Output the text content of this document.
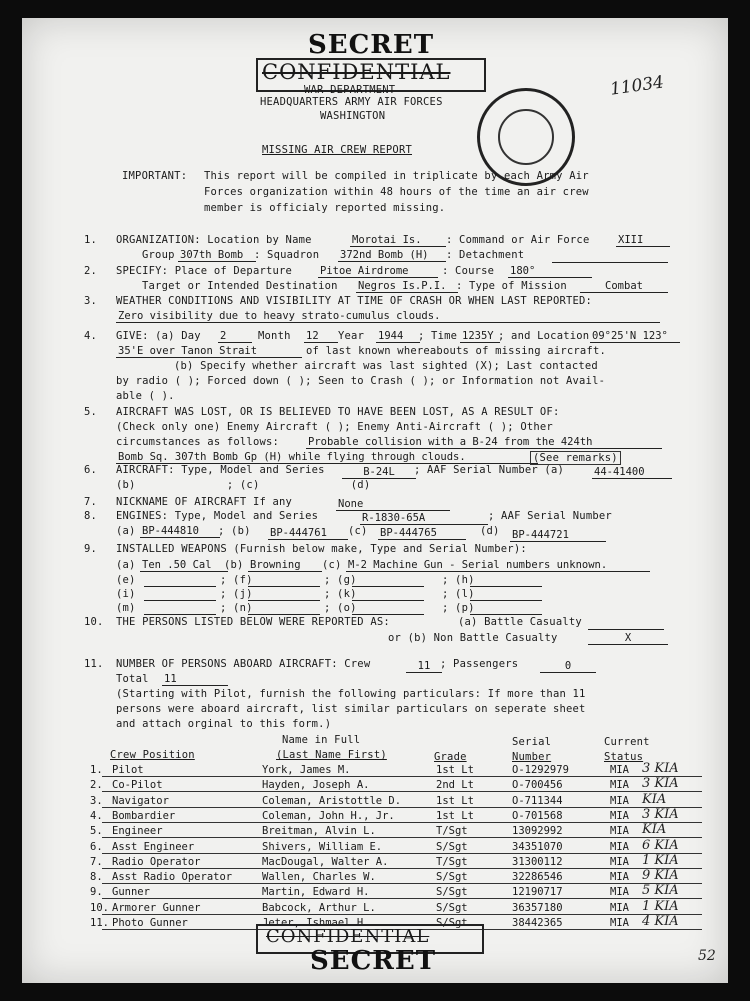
SECRET
CONFIDENTIAL
WAR DEPARTMENT
HEADQUARTERS ARMY AIR FORCES
WASHINGTON
MISSING AIR CREW REPORT
11034
IMPORTANT: This report will be compiled in triplicate by each Army Air
Forces organization within 48 hours of the time an air crew
member is officialy reported missing.
1. ORGANIZATION: Location by Name	Morotai Is.	: Command or Air Force	XIII
Group 307th Bomb	: Squadron 372nd Bomb (H)	: Detachment
2. SPECIFY: Place of Departure	Pitoe Airdrome	: Course 180°
Target or Intended Destination Negros Is.P.I. : Type of Mission	Combat
3. WEATHER CONDITIONS AND VISIBILITY AT TIME OF CRASH OR WHEN LAST REPORTED:
Zero visibility due to heavy strato-cumulus clouds.
4. GIVE: (a) Day 2	Month 12	Year 1944	; Time 1235Y ; and Location 09°25'N 123°
35'E over Tanon Strait	of last known whereabouts of missing aircraft.
(b) Specify whether aircraft was last sighted (X); Last contacted
by radio ( ); Forced down ( ); Seen to Crash ( ); or Information not Avail-
able ( ).
5. AIRCRAFT WAS LOST, OR IS BELIEVED TO HAVE BEEN LOST, AS A RESULT OF:
(Check only one) Enemy Aircraft ( ); Enemy Anti-Aircraft ( ); Other
circumstances as follows:	Probable collision with a B-24 from the 424th
Bomb Sq. 307th Bomb Gp (H) while flying through clouds.	(See remarks)
6. AIRCRAFT: Type, Model and Series	B-24L	; AAF Serial Number (a)	44-41400
(b)              ; (c)              (d)
7. NICKNAME OF AIRCRAFT If any	None
8. ENGINES: Type, Model and Series	R-1830-65A	; AAF Serial Number
(a) BP-444810	; (b) BP-444761	(c) BP-444765	(d) BP-444721
9. INSTALLED WEAPONS (Furnish below make, Type and Serial Number):
(a) Ten .50 Cal	(b) Browning	(c) M-2 Machine Gun - Serial numbers unknown.
(e)	; (f)	; (g)	; (h)
(i)	; (j)	; (k)	; (l)
(m)	; (n)	; (o)	; (p)
10. THE PERSONS LISTED BELOW WERE REPORTED AS:	(a) Battle Casualty
or (b) Non Battle Casualty	X
11. NUMBER OF PERSONS ABOARD AIRCRAFT: Crew	11 ; Passengers	0
Total 11
(Starting with Pilot, furnish the following particulars: If more than 11
persons were aboard aircraft, list similar particulars on seperate sheet
and attach orginal to this form.)
Name in Full	Serial	Current
Crew Position	(Last Name First)	Grade	Number	Status
1. Pilot	York, James M.	1st Lt	O-1292979	MIA 3 KIA
2. Co-Pilot	Hayden, Joseph A.	2nd Lt	O-700456	MIA 3 KIA
3. Navigator	Coleman, Aristottle D.	1st Lt	O-711344	MIA KIA
4. Bombardier	Coleman, John H., Jr.	1st Lt	O-701568	MIA 3 KIA
5. Engineer	Breitman, Alvin L.	T/Sgt	13092992	MIA KIA
6. Asst Engineer	Shivers, William E.	S/Sgt	34351070	MIA 6 KIA
7. Radio Operator	MacDougal, Walter A.	T/Sgt	31300112	MIA 1 KIA
8. Asst Radio Operator	Wallen, Charles W.	S/Sgt	32286546	MIA 9 KIA
9. Gunner	Martin, Edward H.	S/Sgt	12190717	MIA 5 KIA
10. Armorer Gunner	Babcock, Arthur L.	S/Sgt	36357180	MIA 1 KIA
11. Photo Gunner	Jeter, Ishmael H.	S/Sgt	38442365	MIA 4 KIA
CONFIDENTIAL
SECRET	52
